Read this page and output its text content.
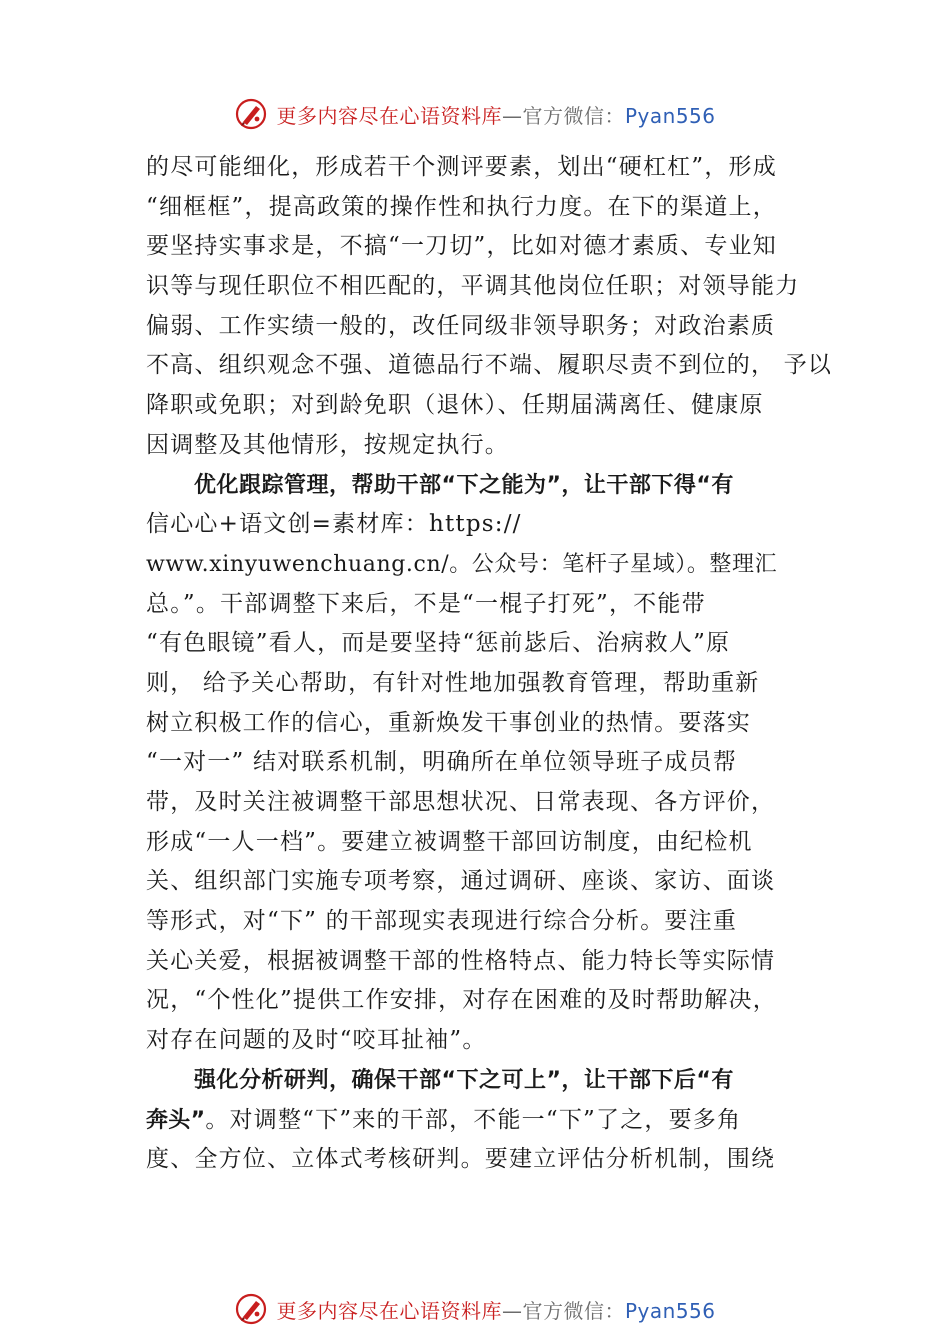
更多内容尽在心语资料库—官方微信：Pyan556
的尽可能细化，形成若干个测评要素，划出“硬杠杠”，形成
“细框框”，提高政策的操作性和执行力度。在下的渠道上，
要坚持实事求是，不搞“一刀切”，比如对德才素质、专业知
识等与现任职位不相匹配的，平调其他岗位任职；对领导能力
偏弱、工作实绩一般的，改任同级非领导职务；对政治素质
不高、组织观念不强、道德品行不端、履职尽责不到位的， 予以
降职或免职；对到龄免职（退休）、任期届满离任、健康原
因调整及其他情形，按规定执行。
优化跟踪管理，帮助干部“下之能为”，让干部下得“有
信心心+语文创=素材库：https://
www.xinyuwenchuang.cn/。公众号：笔杆子星域）。整理汇
总。”。干部调整下来后，不是“一棍子打死”，不能带
“有色眼镜”看人，而是要坚持“惩前毖后、治病救人”原
则， 给予关心帮助，有针对性地加强教育管理，帮助重新
树立积极工作的信心，重新焕发干事创业的热情。要落实
“一对一” 结对联系机制，明确所在单位领导班子成员帮
带，及时关注被调整干部思想状况、日常表现、各方评价，
形成“一人一档”。要建立被调整干部回访制度，由纪检机
关、组织部门实施专项考察，通过调研、座谈、家访、面谈
等形式，对“下” 的干部现实表现进行综合分析。要注重
关心关爱，根据被调整干部的性格特点、能力特长等实际情
况，“个性化”提供工作安排，对存在困难的及时帮助解决，
对存在问题的及时“咬耳扯袖”。
强化分析研判，确保干部“下之可上”，让干部下后“有
奔头”。对调整“下”来的干部，不能一“下”了之，要多角
度、全方位、立体式考核研判。要建立评估分析机制，围绕
更多内容尽在心语资料库—官方微信：Pyan556
